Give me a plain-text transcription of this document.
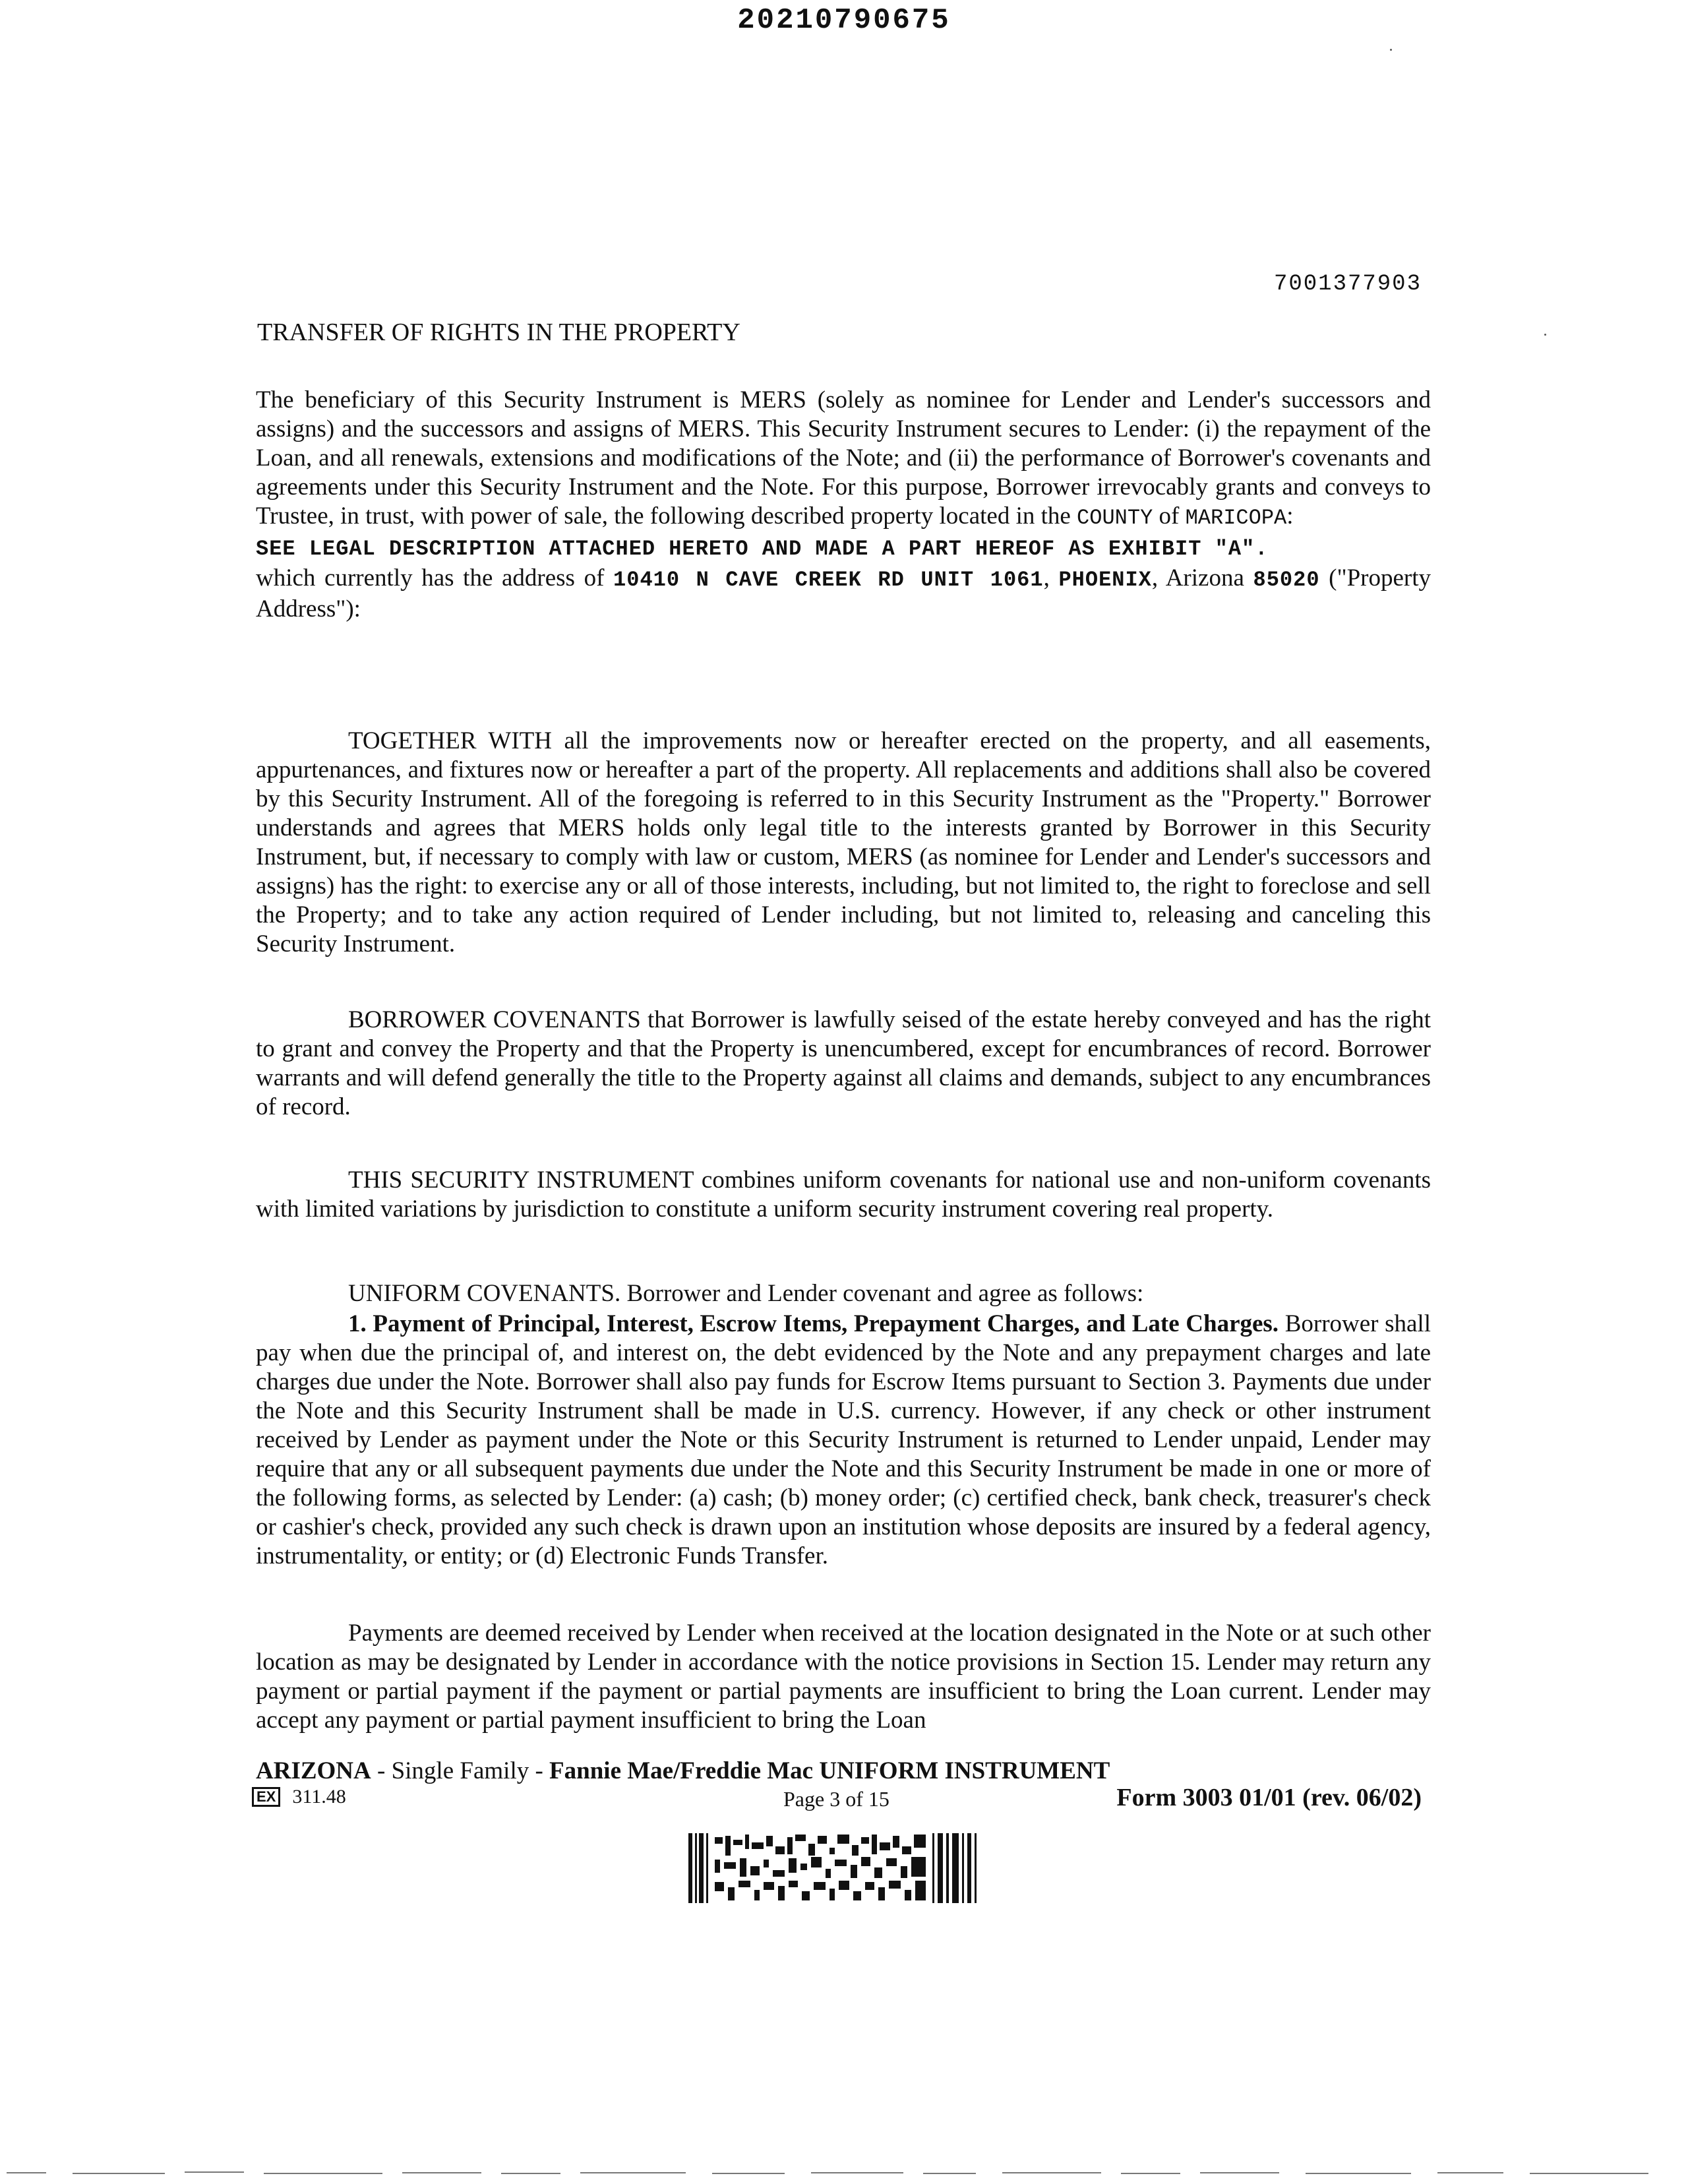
20210790675
7001377903
TRANSFER OF RIGHTS IN THE PROPERTY
The beneficiary of this Security Instrument is MERS (solely as nominee for Lender and Lender's successors and assigns) and the successors and assigns of MERS. This Security Instrument secures to Lender: (i) the repayment of the Loan, and all renewals, extensions and modifications of the Note; and (ii) the performance of Borrower's covenants and agreements under this Security Instrument and the Note. For this purpose, Borrower irrevocably grants and conveys to Trustee, in trust, with power of sale, the following described property located in the COUNTY of MARICOPA:
SEE LEGAL DESCRIPTION ATTACHED HERETO AND MADE A PART HEREOF AS EXHIBIT "A".
which currently has the address of 10410 N CAVE CREEK RD UNIT 1061, PHOENIX, Arizona 85020 ("Property Address"):
TOGETHER WITH all the improvements now or hereafter erected on the property, and all easements, appurtenances, and fixtures now or hereafter a part of the property. All replacements and additions shall also be covered by this Security Instrument. All of the foregoing is referred to in this Security Instrument as the "Property." Borrower understands and agrees that MERS holds only legal title to the interests granted by Borrower in this Security Instrument, but, if necessary to comply with law or custom, MERS (as nominee for Lender and Lender's successors and assigns) has the right: to exercise any or all of those interests, including, but not limited to, the right to foreclose and sell the Property; and to take any action required of Lender including, but not limited to, releasing and canceling this Security Instrument.
BORROWER COVENANTS that Borrower is lawfully seised of the estate hereby conveyed and has the right to grant and convey the Property and that the Property is unencumbered, except for encumbrances of record. Borrower warrants and will defend generally the title to the Property against all claims and demands, subject to any encumbrances of record.
THIS SECURITY INSTRUMENT combines uniform covenants for national use and non-uniform covenants with limited variations by jurisdiction to constitute a uniform security instrument covering real property.
UNIFORM COVENANTS. Borrower and Lender covenant and agree as follows:
1. Payment of Principal, Interest, Escrow Items, Prepayment Charges, and Late Charges. Borrower shall pay when due the principal of, and interest on, the debt evidenced by the Note and any prepayment charges and late charges due under the Note. Borrower shall also pay funds for Escrow Items pursuant to Section 3. Payments due under the Note and this Security Instrument shall be made in U.S. currency. However, if any check or other instrument received by Lender as payment under the Note or this Security Instrument is returned to Lender unpaid, Lender may require that any or all subsequent payments due under the Note and this Security Instrument be made in one or more of the following forms, as selected by Lender: (a) cash; (b) money order; (c) certified check, bank check, treasurer's check or cashier's check, provided any such check is drawn upon an institution whose deposits are insured by a federal agency, instrumentality, or entity; or (d) Electronic Funds Transfer.
Payments are deemed received by Lender when received at the location designated in the Note or at such other location as may be designated by Lender in accordance with the notice provisions in Section 15. Lender may return any payment or partial payment if the payment or partial payments are insufficient to bring the Loan current. Lender may accept any payment or partial payment insufficient to bring the Loan
ARIZONA - Single Family - Fannie Mae/Freddie Mac UNIFORM INSTRUMENT
EX 311.48	Page 3 of 15	Form 3003 01/01 (rev. 06/02)
